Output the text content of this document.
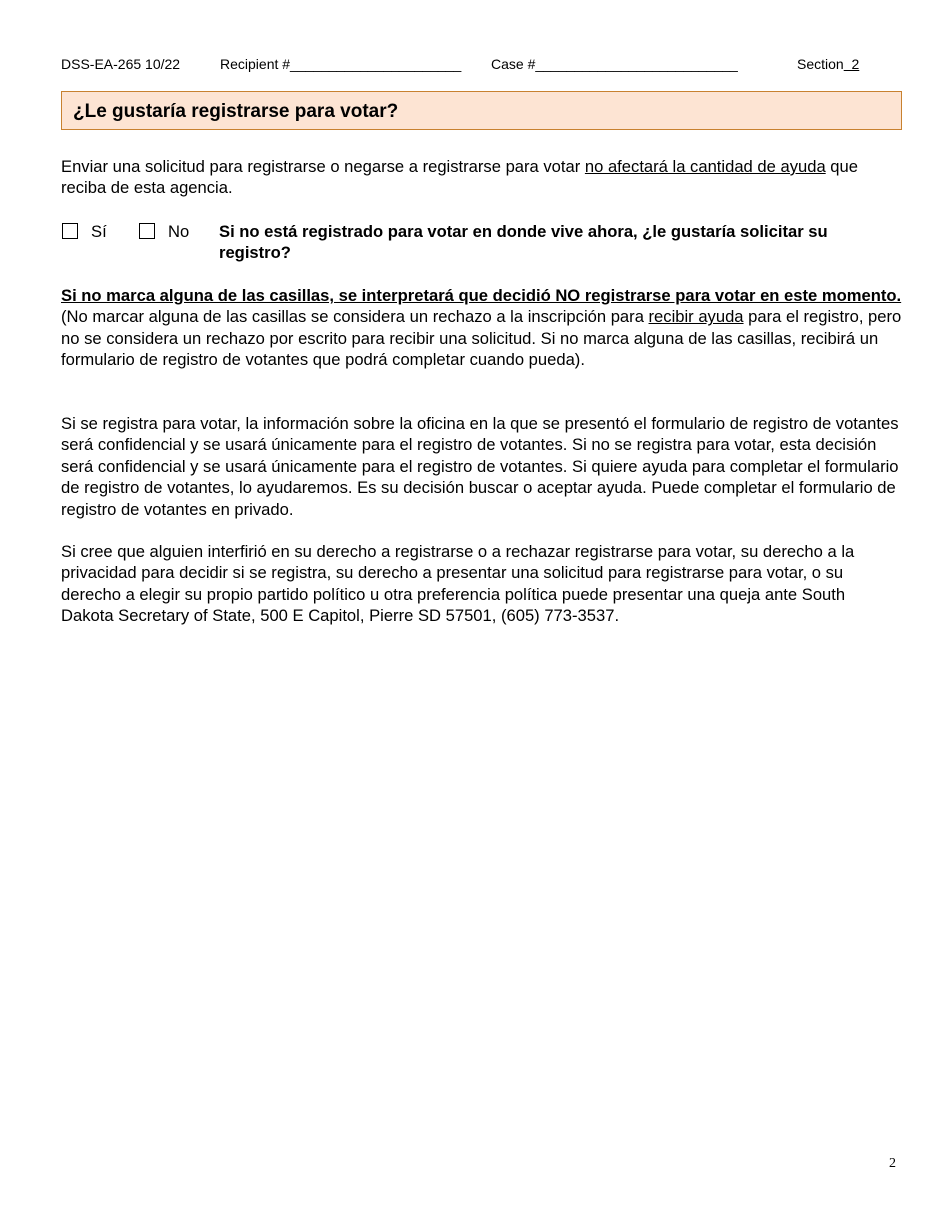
DSS-EA-265 10/22	Recipient #______________________ Case #__________________________	Section  2
¿Le gustaría registrarse para votar?
Enviar una solicitud para registrarse o negarse a registrarse para votar no afectará la cantidad de ayuda que reciba de esta agencia.
Sí	No Si no está registrado para votar en donde vive ahora, ¿le gustaría solicitar su registro?
Si no marca alguna de las casillas, se interpretará que decidió NO registrarse para votar en este momento. (No marcar alguna de las casillas se considera un rechazo a la inscripción para recibir ayuda para el registro, pero no se considera un rechazo por escrito para recibir una solicitud. Si no marca alguna de las casillas, recibirá un formulario de registro de votantes que podrá completar cuando pueda).
Si se registra para votar, la información sobre la oficina en la que se presentó el formulario de registro de votantes será confidencial y se usará únicamente para el registro de votantes. Si no se registra para votar, esta decisión será confidencial y se usará únicamente para el registro de votantes. Si quiere ayuda para completar el formulario de registro de votantes, lo ayudaremos. Es su decisión buscar o aceptar ayuda. Puede completar el formulario de registro de votantes en privado.
Si cree que alguien interfirió en su derecho a registrarse o a rechazar registrarse para votar, su derecho a la privacidad para decidir si se registra, su derecho a presentar una solicitud para registrarse para votar, o su derecho a elegir su propio partido político u otra preferencia política puede presentar una queja ante South Dakota Secretary of State, 500 E Capitol, Pierre SD 57501, (605) 773-3537.
2
